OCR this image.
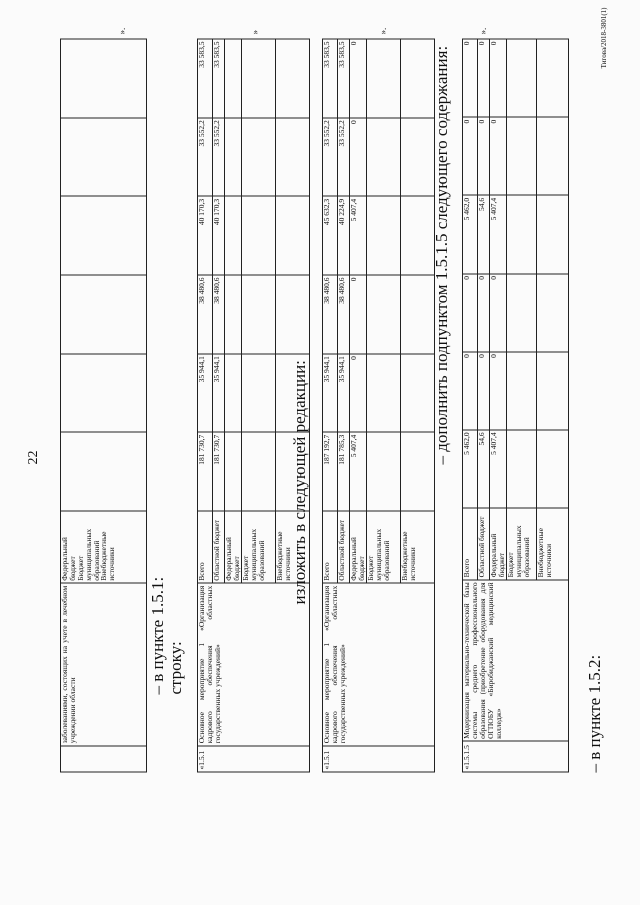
22
	заболеваниями, состоящих на учете в лечебном учреждении области	
Федеральный бюджет
Бюджет муниципальных образований
Внебюджетные источники

».
– в пункте 1.5.1: строку:
«1.5.1	Основное мероприятие 1 «Организация кадрового обеспечения областных государственных учреждений»	Всего	181 730,7	35 944,1	38 480,6	40 170,3	33 552,2	33 583,5
		Областной бюджет	181 730,7	35 944,1	38 480,6	40 170,3	33 552,2	33 583,5
		Федеральный бюджет						
		Бюджет муниципальных образований						
		Внебюджетные источники						
»
изложить в следующей редакции:
«1.5.1	Основное мероприятие 1 «Организация кадрового обеспечения областных государственных учреждений»	Всего	187 192,7	35 944,1	38 480,6	45 632,3	33 552,2	33 583,5
		Областной бюджет	181 785,3	35 944,1	38 480,6	40 224,9	33 552,2	33 583,5
		Федеральный бюджет	5 407,4	0	0	5 407,4	0	0
		Бюджет муниципальных образований						
		Внебюджетные источники						
».
– дополнить подпунктом 1.5.1.5 следующего содержания:
«1.5.1.5	Модернизация материально-технической базы системы среднего профессионального образования (приобретение оборудования для ОГПОБУ «Биробиджанский медицинский колледж»	Всего	5 462,0	0	0	5 462,0	0	0
		Областной бюджет	54,6	0	0	54,6	0	0
		Федеральный бюджет	5 407,4	0	0	5 407,4	0	0
		Бюджет муниципальных образований						
		Внебюджетные источники						
».
– в пункте 1.5.2:
Тигова/2018-3801(1)
